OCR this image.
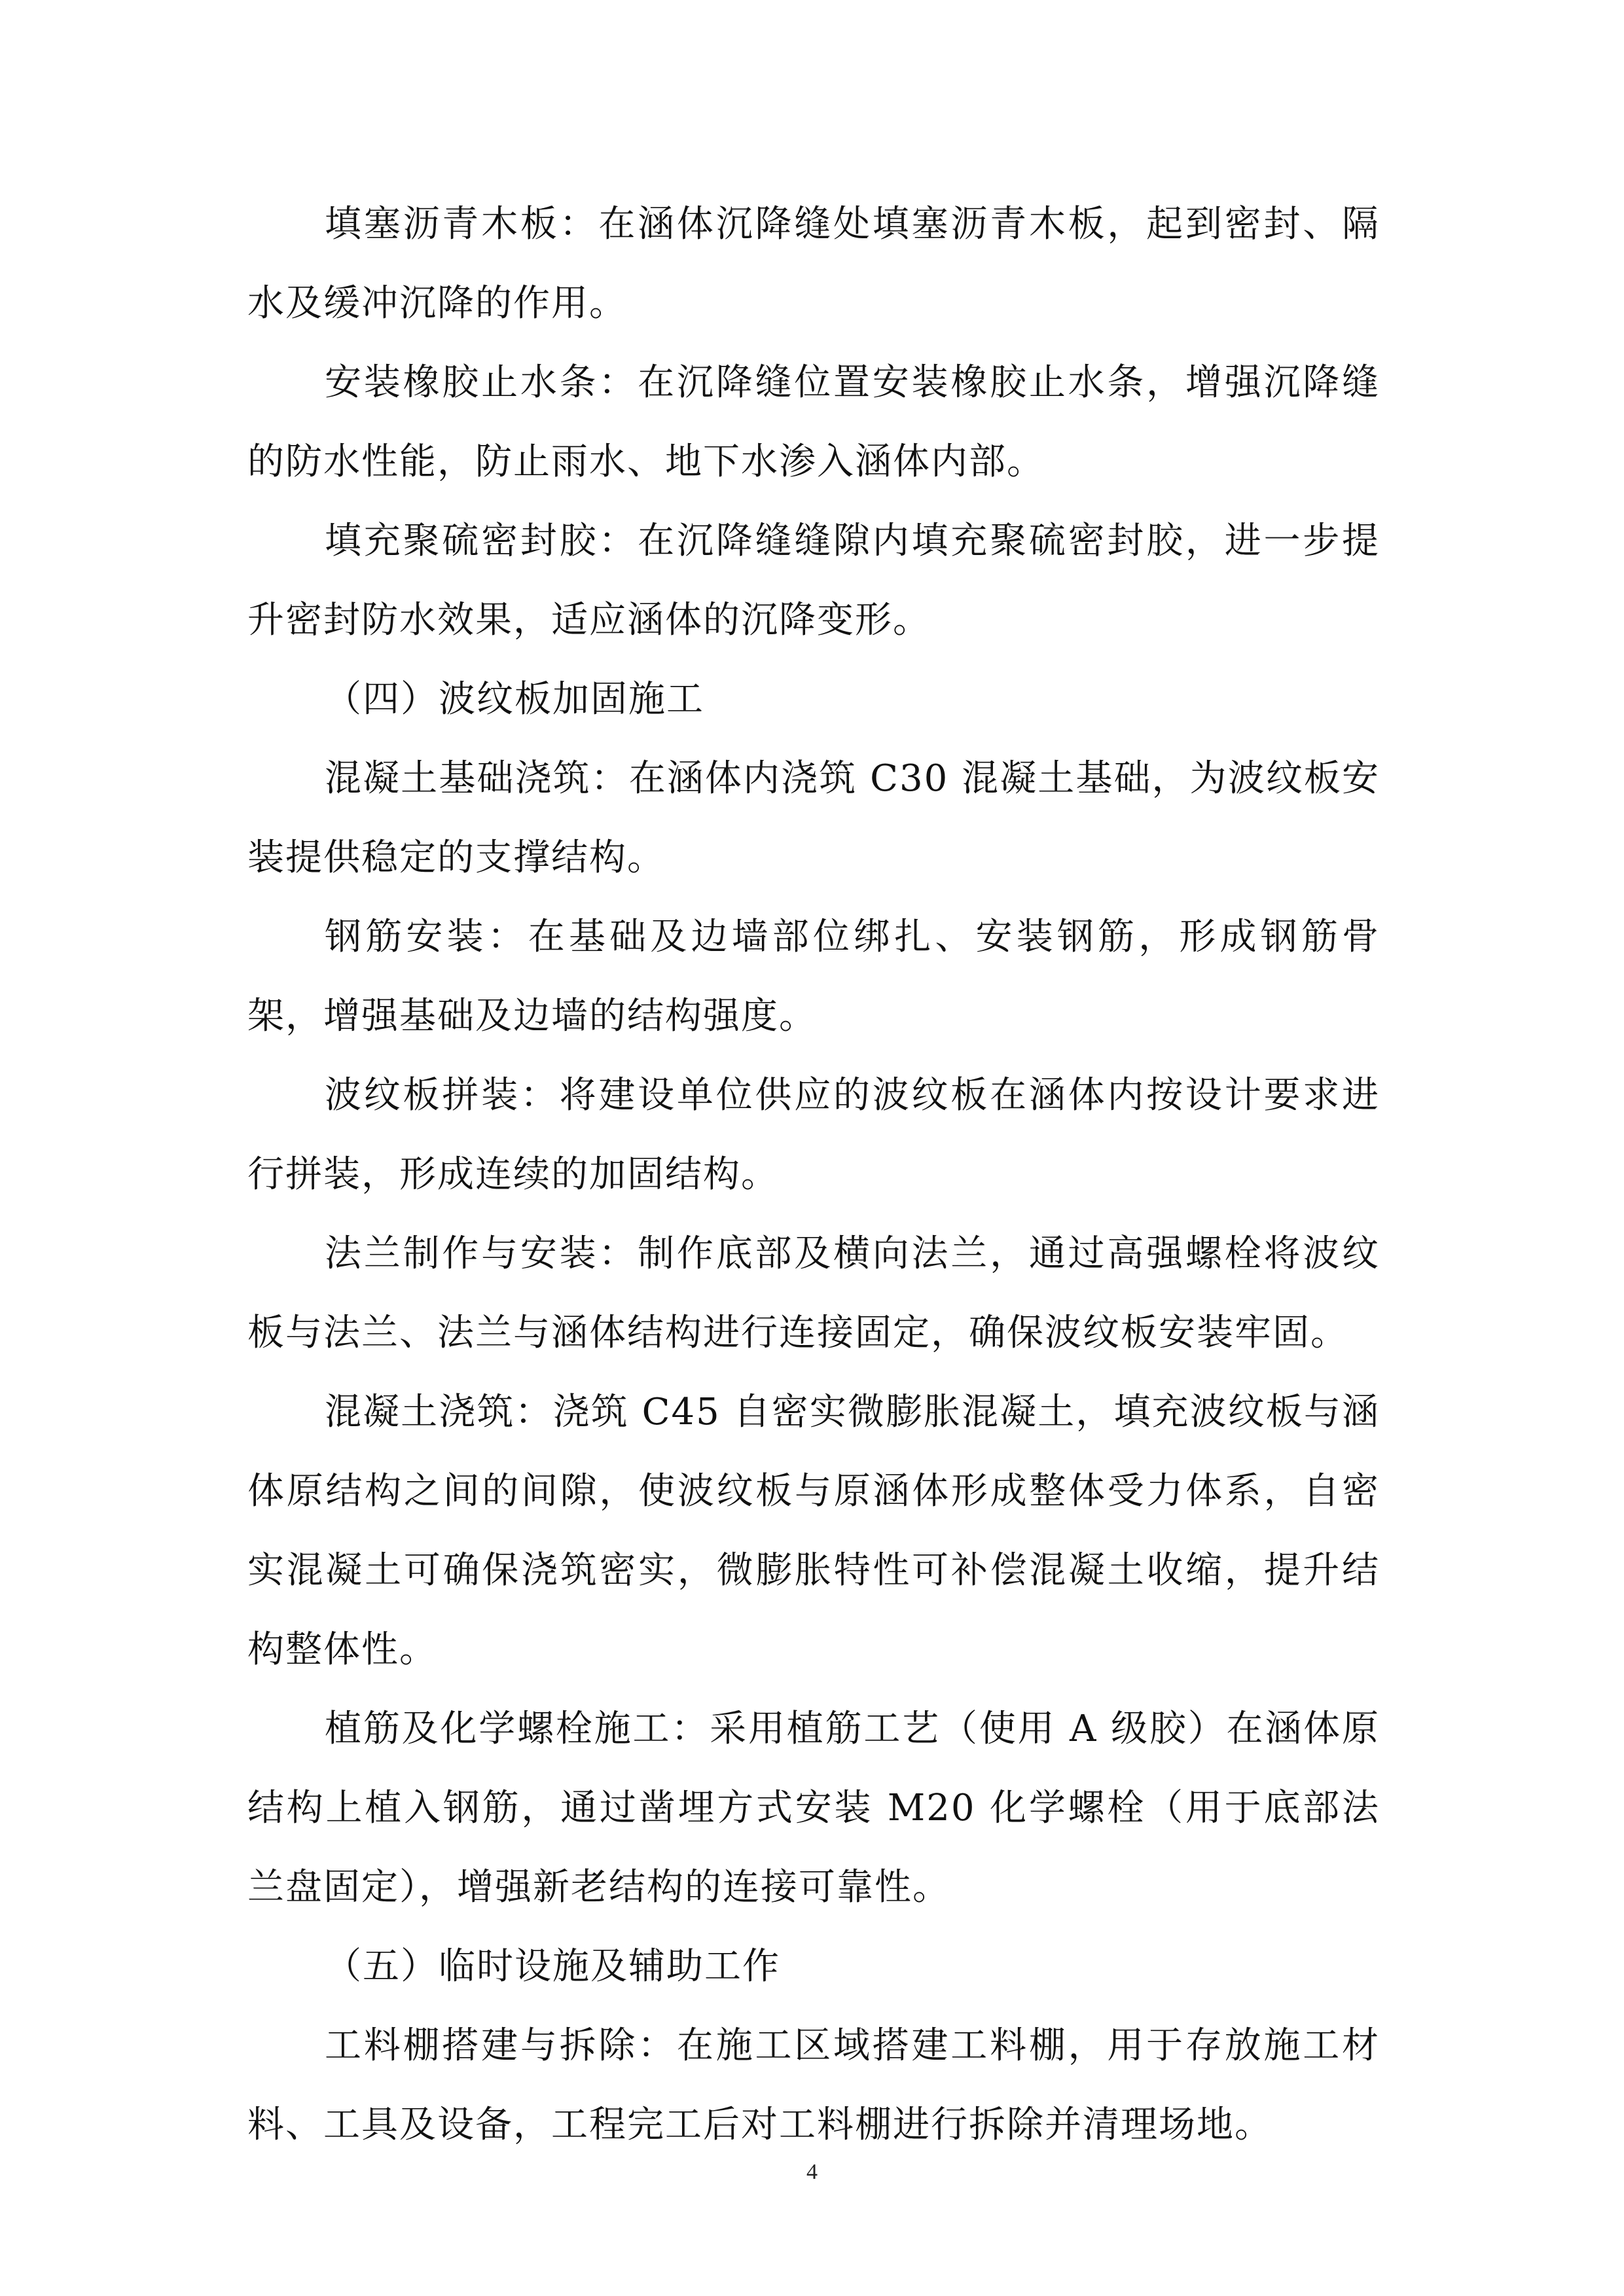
填塞沥青木板：在涵体沉降缝处填塞沥青木板，起到密封、隔水及缓冲沉降的作用。

安装橡胶止水条：在沉降缝位置安装橡胶止水条，增强沉降缝的防水性能，防止雨水、地下水渗入涵体内部。

填充聚硫密封胶：在沉降缝缝隙内填充聚硫密封胶，进一步提升密封防水效果，适应涵体的沉降变形。

（四）波纹板加固施工

混凝土基础浇筑：在涵体内浇筑 C30 混凝土基础，为波纹板安装提供稳定的支撑结构。

钢筋安装：在基础及边墙部位绑扎、安装钢筋，形成钢筋骨架，增强基础及边墙的结构强度。

波纹板拼装：将建设单位供应的波纹板在涵体内按设计要求进行拼装，形成连续的加固结构。

法兰制作与安装：制作底部及横向法兰，通过高强螺栓将波纹板与法兰、法兰与涵体结构进行连接固定，确保波纹板安装牢固。

混凝土浇筑：浇筑 C45 自密实微膨胀混凝土，填充波纹板与涵体原结构之间的间隙，使波纹板与原涵体形成整体受力体系，自密实混凝土可确保浇筑密实，微膨胀特性可补偿混凝土收缩，提升结构整体性。

植筋及化学螺栓施工：采用植筋工艺（使用 A 级胶）在涵体原结构上植入钢筋，通过凿埋方式安装 M20 化学螺栓（用于底部法兰盘固定），增强新老结构的连接可靠性。

（五）临时设施及辅助工作

工料棚搭建与拆除：在施工区域搭建工料棚，用于存放施工材料、工具及设备，工程完工后对工料棚进行拆除并清理场地。

4
